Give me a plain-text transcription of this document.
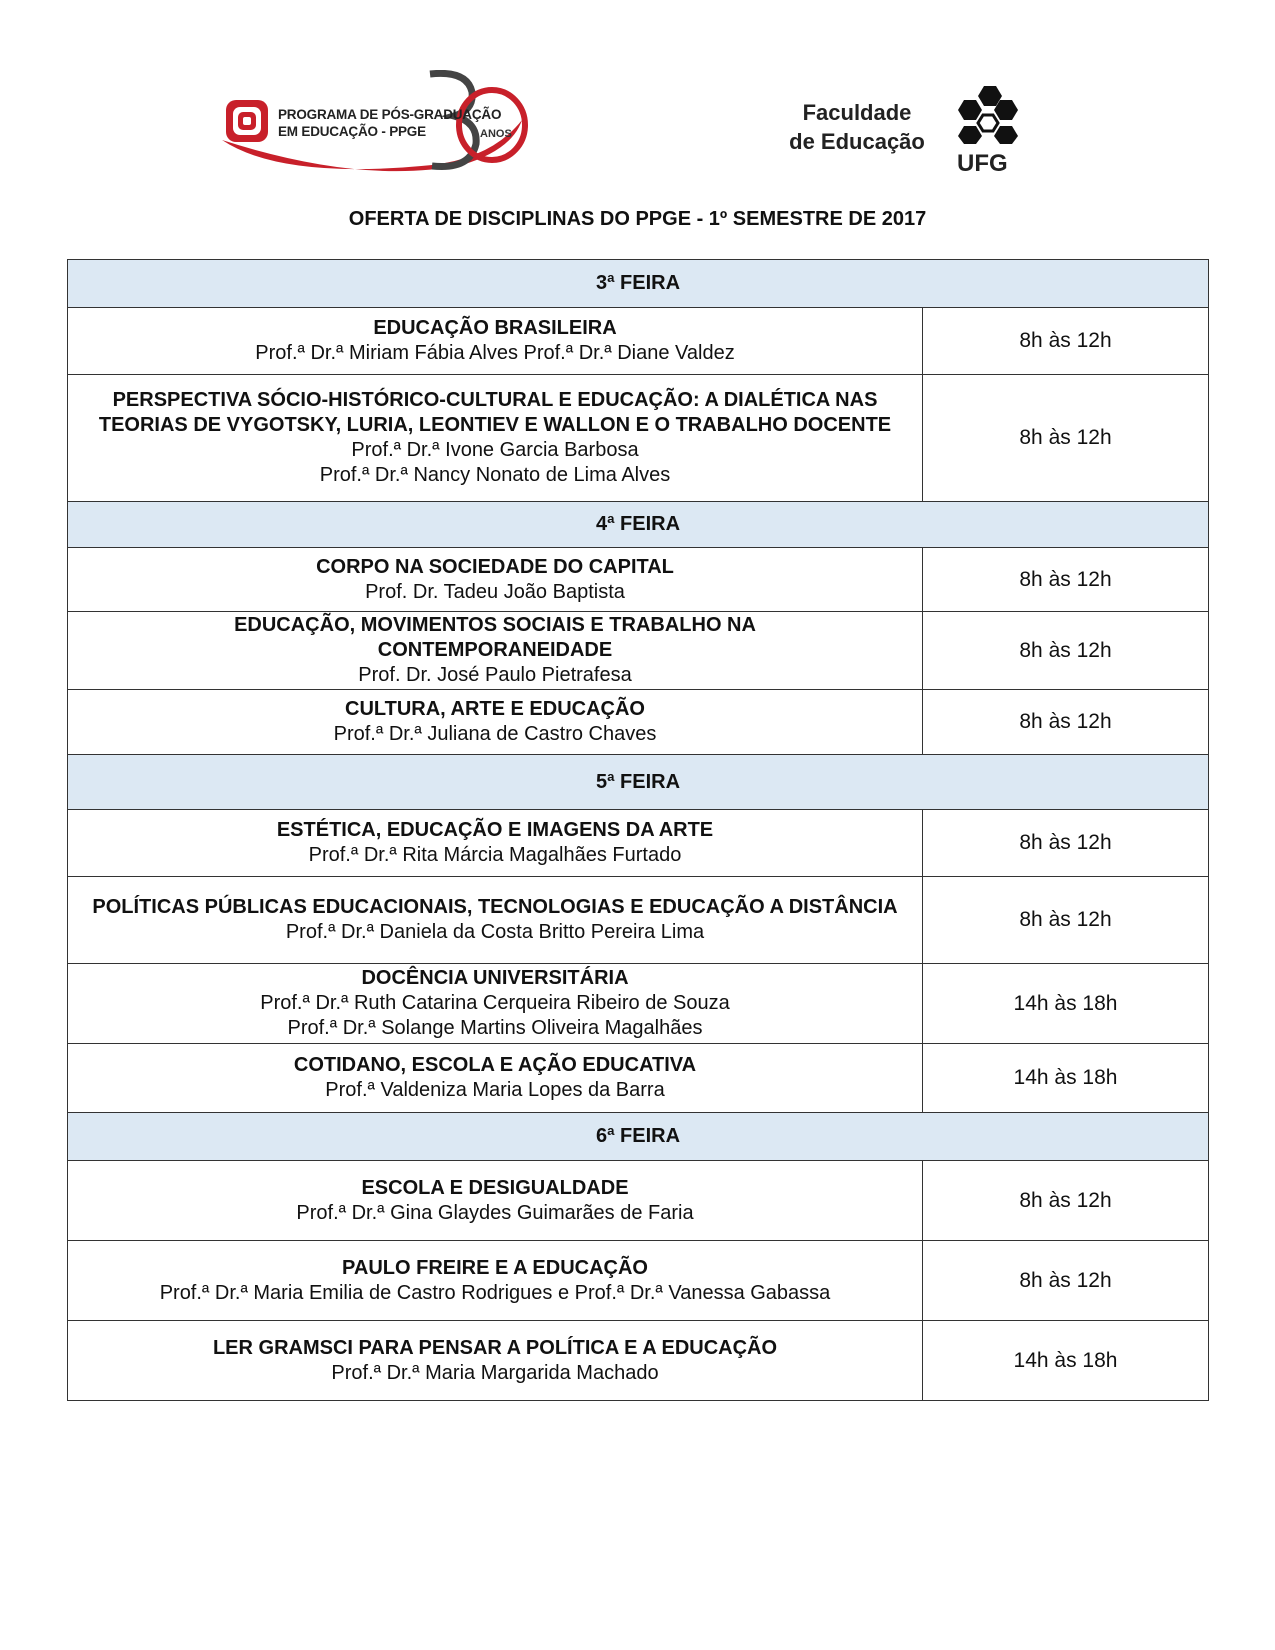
PROGRAMA DE PÓS-GRADUAÇÃO
EM EDUCAÇÃO - PPGE	ANOS
Faculdade
de Educação
UFG
OFERTA DE DISCIPLINAS DO PPGE - 1º SEMESTRE DE 2017
3ª FEIRA	

EDUCAÇÃO BRASILEIRA
Prof.ª Dr.ª Miriam Fábia Alves Prof.ª Dr.ª Diane Valdez	8h às 12h

PERSPECTIVA SÓCIO-HISTÓRICO-CULTURAL E EDUCAÇÃO: A DIALÉTICA NAS TEORIAS DE VYGOTSKY, LURIA, LEONTIEV E WALLON E O TRABALHO DOCENTE
Prof.ª Dr.ª Ivone Garcia Barbosa
Prof.ª Dr.ª Nancy Nonato de Lima Alves	8h às 12h
4ª FEIRA	

CORPO NA SOCIEDADE DO CAPITAL
Prof. Dr. Tadeu João Baptista	8h às 12h

EDUCAÇÃO, MOVIMENTOS SOCIAIS E TRABALHO NA CONTEMPORANEIDADE
Prof. Dr. José Paulo Pietrafesa	8h às 12h

CULTURA, ARTE E EDUCAÇÃO
Prof.ª Dr.ª Juliana de Castro Chaves	8h às 12h
5ª FEIRA	

ESTÉTICA, EDUCAÇÃO E IMAGENS DA ARTE
Prof.ª Dr.ª Rita Márcia Magalhães Furtado	8h às 12h

POLÍTICAS PÚBLICAS EDUCACIONAIS, TECNOLOGIAS E EDUCAÇÃO A DISTÂNCIA
Prof.ª Dr.ª Daniela da Costa Britto Pereira Lima	8h às 12h

DOCÊNCIA UNIVERSITÁRIA
Prof.ª Dr.ª Ruth Catarina Cerqueira Ribeiro de Souza
Prof.ª Dr.ª Solange Martins Oliveira Magalhães	14h às 18h

COTIDANO, ESCOLA E AÇÃO EDUCATIVA
Prof.ª Valdeniza Maria Lopes da Barra	14h às 18h
6ª FEIRA	

ESCOLA E DESIGUALDADE
Prof.ª Dr.ª Gina Glaydes Guimarães de Faria	8h às 12h

PAULO FREIRE E A EDUCAÇÃO
Prof.ª Dr.ª Maria Emilia de Castro Rodrigues e Prof.ª Dr.ª Vanessa Gabassa	8h às 12h

LER GRAMSCI PARA PENSAR A POLÍTICA E A EDUCAÇÃO
Prof.ª Dr.ª Maria Margarida Machado	14h às 18h
